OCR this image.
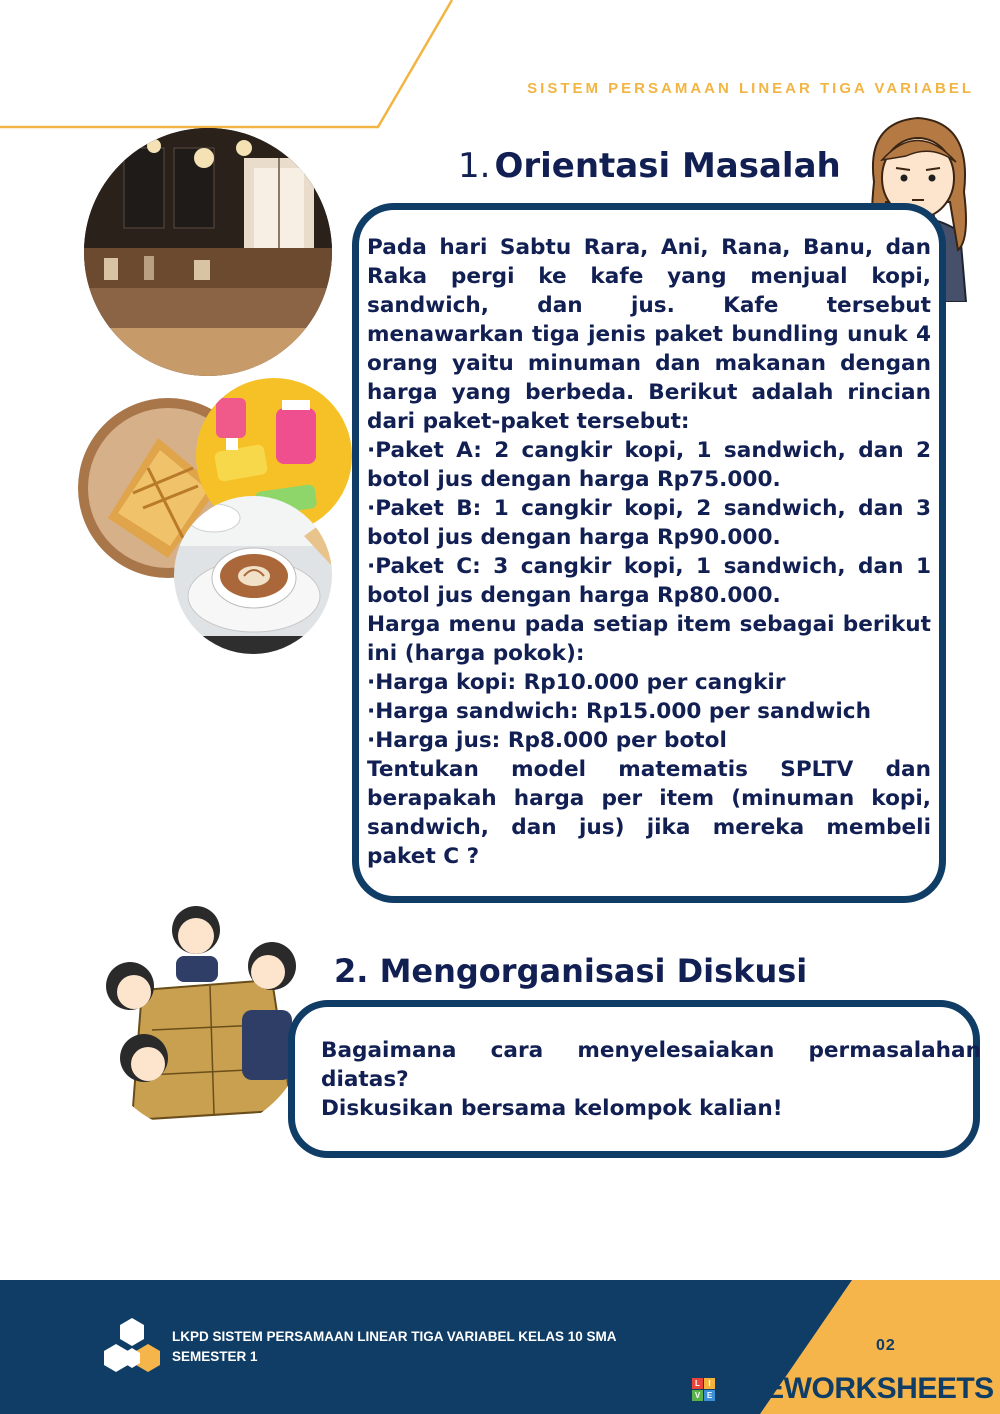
SISTEM PERSAMAAN LINEAR TIGA VARIABEL
1. Orientasi Masalah

Pada hari Sabtu Rara, Ani, Rana, Banu, dan Raka pergi ke kafe yang menjual kopi, sandwich, dan jus. Kafe tersebut menawarkan tiga jenis paket bundling unuk 4 orang yaitu minuman dan makanan dengan harga yang berbeda. Berikut adalah rincian dari paket-paket tersebut:

·Paket A: 2 cangkir kopi, 1 sandwich, dan 2 botol jus dengan harga Rp75.000.

·Paket B: 1 cangkir kopi, 2 sandwich, dan 3 botol jus dengan harga Rp90.000.

·Paket C: 3 cangkir kopi, 1 sandwich, dan 1 botol jus dengan harga Rp80.000.

Harga menu pada setiap item sebagai berikut ini (harga pokok):

·Harga kopi: Rp10.000 per cangkir

·Harga sandwich: Rp15.000 per sandwich

·Harga jus: Rp8.000 per botol

Tentukan model matematis SPLTV dan berapakah harga per item (minuman kopi, sandwich, dan jus) jika mereka membeli paket C ?

2. Mengorganisasi Diskusi

Bagaimana cara menyelesaiakan permasalahan

diatas?

Diskusikan bersama kelompok kalian!

LKPD SISTEM PERSAMAAN LINEAR TIGA VARIABEL KELAS 10 SMA
SEMESTER 1
02
L	I
V E LIVEWORKSHEETS
